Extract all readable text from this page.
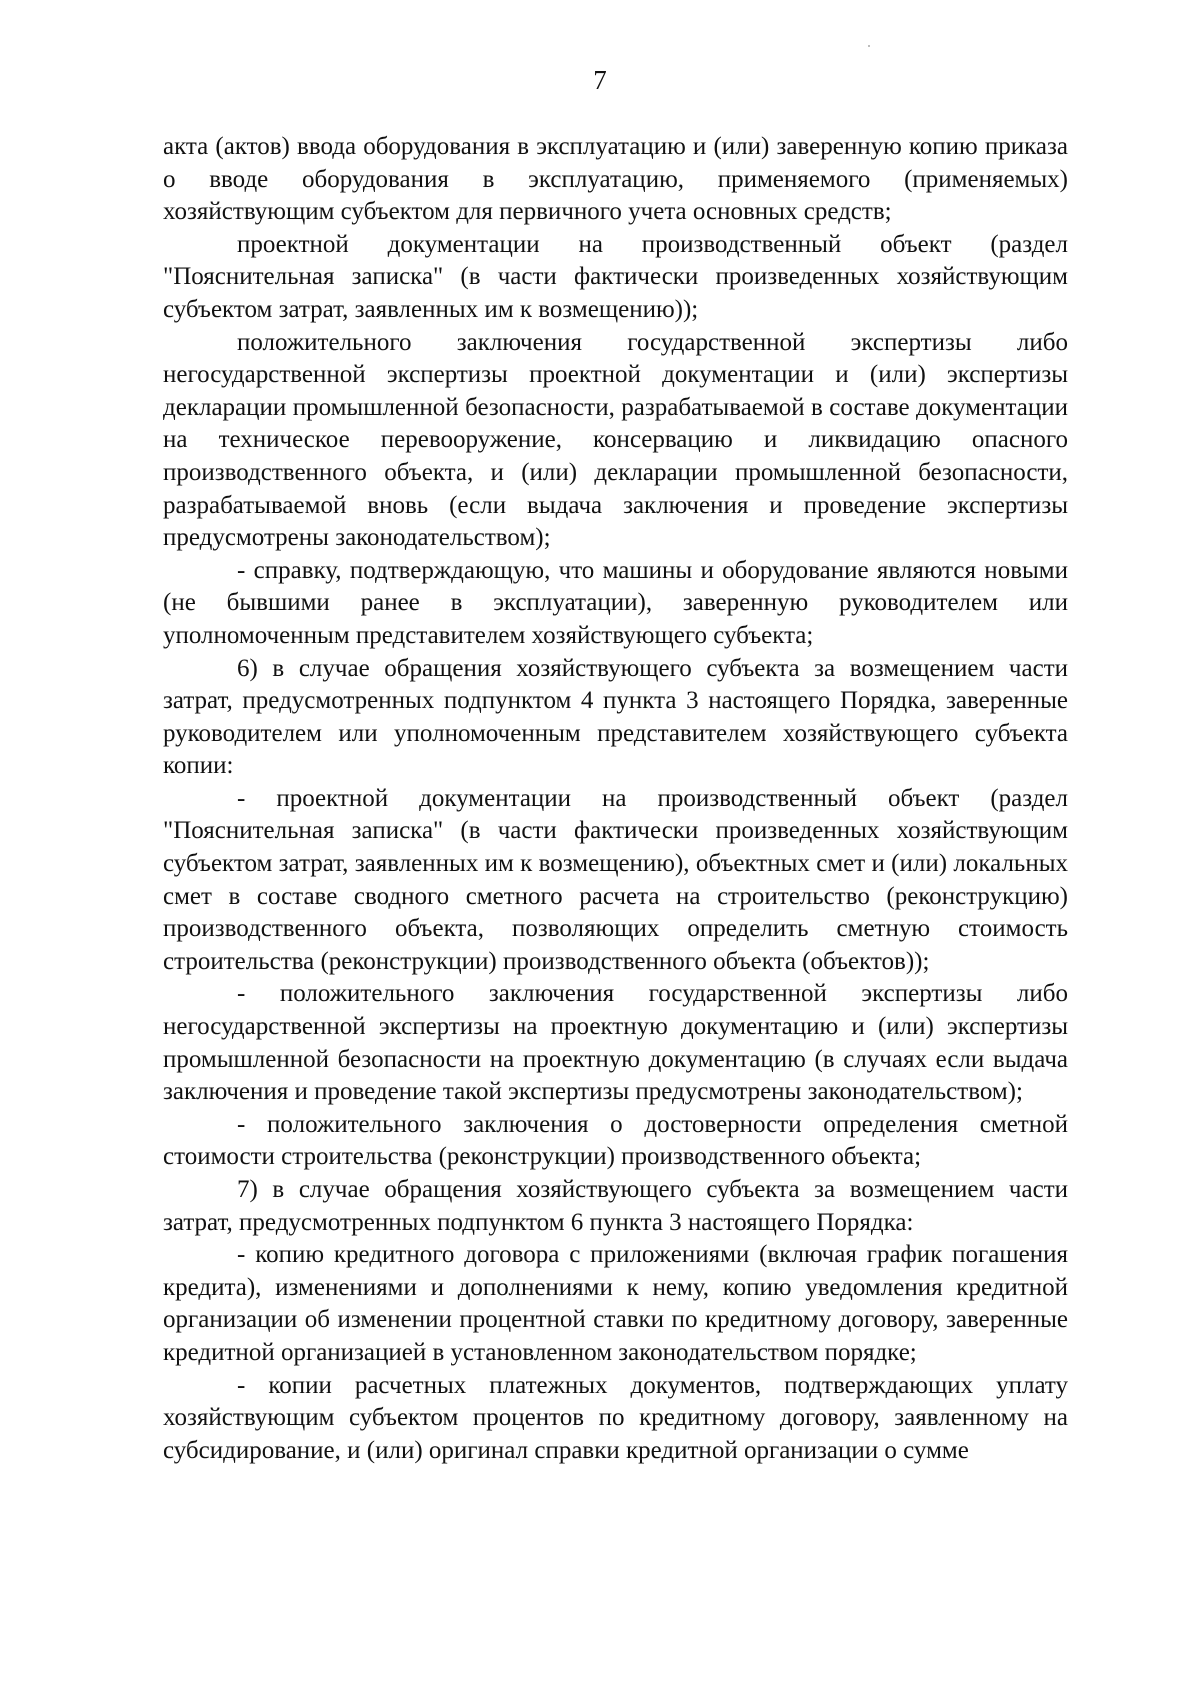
7

акта (актов) ввода оборудования в эксплуатацию и (или) заверенную копию приказа о вводе оборудования в эксплуатацию, применяемого (применяемых) хозяйствующим субъектом для первичного учета основных средств;

проектной документации на производственный объект (раздел "Пояснительная записка" (в части фактически произведенных хозяйствующим субъектом затрат, заявленных им к возмещению));

положительного заключения государственной экспертизы либо негосударственной экспертизы проектной документации и (или) экспертизы декларации промышленной безопасности, разрабатываемой в составе документации на техническое перевооружение, консервацию и ликвидацию опасного производственного объекта, и (или) декларации промышленной безопасности, разрабатываемой вновь (если выдача заключения и проведение экспертизы предусмотрены законодательством);

- справку, подтверждающую, что машины и оборудование являются новыми (не бывшими ранее в эксплуатации), заверенную руководителем или уполномоченным представителем хозяйствующего субъекта;

6) в случае обращения хозяйствующего субъекта за возмещением части затрат, предусмотренных подпунктом 4 пункта 3 настоящего Порядка, заверенные руководителем или уполномоченным представителем хозяйствующего субъекта копии:

- проектной документации на производственный объект (раздел "Пояснительная записка" (в части фактически произведенных хозяйствующим субъектом затрат, заявленных им к возмещению), объектных смет и (или) локальных смет в составе сводного сметного расчета на строительство (реконструкцию) производственного объекта, позволяющих определить сметную стоимость строительства (реконструкции) производственного объекта (объектов));

- положительного заключения государственной экспертизы либо негосударственной экспертизы на проектную документацию и (или) экспертизы промышленной безопасности на проектную документацию (в случаях если выдача заключения и проведение такой экспертизы предусмотрены законодательством);

- положительного заключения о достоверности определения сметной стоимости строительства (реконструкции) производственного объекта;

7) в случае обращения хозяйствующего субъекта за возмещением части затрат, предусмотренных подпунктом 6 пункта 3 настоящего Порядка:

- копию кредитного договора с приложениями (включая график погашения кредита), изменениями и дополнениями к нему, копию уведомления кредитной организации об изменении процентной ставки по кредитному договору, заверенные кредитной организацией в установленном законодательством порядке;

- копии расчетных платежных документов, подтверждающих уплату хозяйствующим субъектом процентов по кредитному договору, заявленному на субсидирование, и (или) оригинал справки кредитной организации о сумме
